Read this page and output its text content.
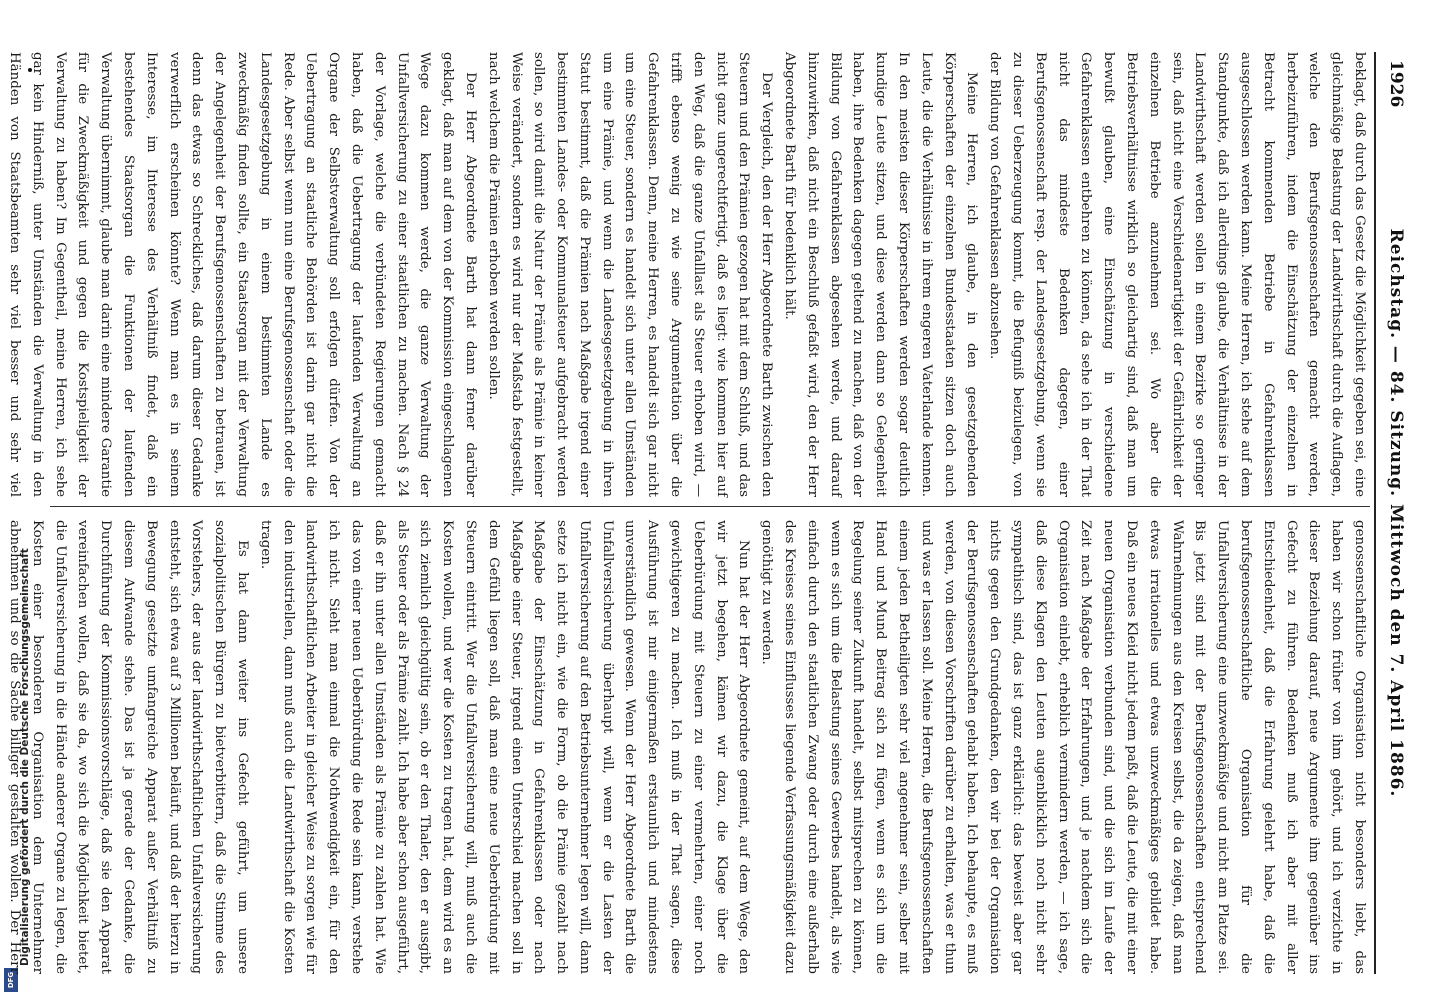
Digitalisierung gefördert durch die Deutsche Forschungsgemeinschaft
DFG
1926
Reichstag. — 84. Sitzung. Mittwoch den 7. April 1886.

beklagt, daß durch das Gesetz die Möglichkeit gegeben sei, eine gleichmäßige Belastung der Landwirthschaft durch die Auflagen, welche den Berufsgenossenschaften gemacht werden, herbeizuführen, indem die Einschätzung der einzelnen in Betracht kommenden Betriebe in Gefahrenklassen ausgeschlossen werden kann. Meine Herren, ich stehe auf dem Standpunkte, daß ich allerdings glaube, die Verhältnisse in der Landwirthschaft werden sollen in einem Bezirke so geringer sein, daß nicht eine Verschiedenartigkeit der Gefährlichkeit der einzelnen Betriebe anzunehmen sei. Wo aber die Betriebsverhältnisse wirklich so gleichartig sind, daß man um bewußt glauben, eine Einschätzung in verschiedene Gefahrenklassen entbehren zu können, da sehe ich in der That nicht das mindeste Bedenken dagegen, einer Berufsgenossenschaft resp. der Landesgesetzgebung, wenn sie zu dieser Ueberzeugung kommt, die Befugniß beizulegen, von der Bildung von Gefahrenklassen abzusehen.

Meine Herren, ich glaube, in den gesetzgebenden Körperschaften der einzelnen Bundesstaaten sitzen doch auch Leute, die die Verhältnisse in ihrem engeren Vaterlande kennen. In den meisten dieser Körperschaften werden sogar deutlich kundige Leute sitzen, und diese werden dann so Gelegenheit haben, ihre Bedenken dagegen geltend zu machen, daß von der Bildung von Gefahrenklassen abgesehen werde, und darauf hinzuwirken, daß nicht ein Beschluß gefaßt wird, den der Herr Abgeordnete Barth für bedenklich hält.

Der Vergleich, den der Herr Abgeordnete Barth zwischen den Steuern und den Prämien gezogen hat mit dem Schluß, und das nicht ganz ungerechtfertigt, daß es liegt: wie kommen hier auf den Weg, daß die ganze Unfalllast als Steuer erhoben wird, — trifft ebenso wenig zu wie seine Argumentation über die Gefahrenklassen. Denn, meine Herren, es handelt sich gar nicht um eine Steuer, sondern es handelt sich unter allen Umständen um eine Prämie, und wenn die Landesgesetzgebung in ihren Statut bestimmt, daß die Prämien nach Maßgabe irgend einer bestimmten Landes- oder Kommunalsteuer aufgebracht werden sollen, so wird damit die Natur der Prämie als Prämie in keiner Weise verändert, sondern es wird nur der Maßstab festgestellt, nach welchem die Prämien erhoben werden sollen.

Der Herr Abgeordnete Barth hat dann ferner darüber geklagt, daß man auf dem von der Kommission eingeschlagenen Wege dazu kommen werde, die ganze Verwaltung der Unfallversicherung zu einer staatlichen zu machen. Nach § 24 der Vorlage, welche die verbündeten Regierungen gemacht haben, daß die Uebertragung der laufenden Verwaltung an Organe der Selbstverwaltung soll erfolgen dürfen. Von der Uebertragung an staatliche Behörden ist darin gar nicht die Rede. Aber selbst wenn nun eine Berufsgenossenschaft oder die Landesgesetzgebung in einem bestimmten Lande es zweckmäßig finden sollte, ein Staatsorgan mit der Verwaltung der Angelegenheit der Berufsgenossenschaften zu betrauen, ist denn das etwas so Schreckliches, daß darum dieser Gedanke verwerflich erscheinen könnte? Wenn man es in seinem Interesse, im Interesse des Verhältniß findet, daß ein bestehendes Staatsorgan die Funktionen der laufenden Verwaltung übernimmt, glaube man darin eine mindere Garantie für die Zweckmäßigkeit und gegen die Kostspieligkeit der Verwaltung zu haben? Im Gegentheil, meine Herren, ich sehe gar kein Hinderniß, unter Umständen die Verwaltung in den Händen von Staatsbeamten sehr viel besser und sehr viel

genossenschaftliche Organisation nicht besonders liebt, das haben wir schon früher von ihm gehört, und ich verzichte in dieser Beziehung darauf, neue Argumente ihm gegenüber ins Gefecht zu führen. Bedenken muß ich aber mit aller Entschiedenheit, daß die Erfahrung gelehrt habe, daß die berufsgenossenschaftliche Organisation für die Unfallversicherung eine unzweckmäßige und nicht am Platze sei. Bis jetzt sind mit der Berufsgenossenschaften entsprechend Wahrnehmungen aus den Kreisen selbst, die da zeigen, daß man etwas irrationelles und etwas unzweckmäßiges gebildet habe. Daß ein neues Kleid nicht jedem paßt, daß die Leute, die mit einer neuen Organisation verbunden sind, und die sich im Laufe der Zeit nach Maßgabe der Erfahrungen, und je nachdem sich die Organisation einlebt, erheblich vermindern werden, — ich sage, daß diese Klagen den Leuten augenblicklich noch nicht sehr sympathisch sind, das ist ganz erklärlich: das beweist aber gar nichts gegen den Grundgedanken, den wir bei der Organisation der Berufsgenossenschaften gehabt haben. Ich behaupte, es muß werden, von diesen Vorschriften darüber zu erhalten, was er thun und was er lassen soll. Meine Herren, die Berufsgenossenschaften einem jeden Betheiligten sehr viel angenehmer sein, selber mit Hand und Mund Beitrag sich zu fügen, wenn es sich um die Regelung seiner Zukunft handelt, selbst mitsprechen zu können, wenn es sich um die Belastung seines Gewerbes handelt, als wie einfach durch den staatlichen Zwang oder durch eine außerhalb des Kreises seines Einflusses liegende Verfassungsmäßigkeit dazu genöthigt zu werden.

Nun hat der Herr Abgeordnete gemeint, auf dem Wege, den wir jetzt begehen, kämen wir dazu, die Klage über die Ueberbürdung mit Steuern zu einer vermehrten, einer noch gewichtigeren zu machen. Ich muß in der That sagen, diese Ausführung ist mir einigermaßen erstaunlich und mindestens unverständlich gewesen. Wenn der Herr Abgeordnete Barth die Unfallversicherung überhaupt will, wenn er die Lasten der Unfallversicherung auf den Betriebsunternehmer legen will, dann setze ich nicht ein, wie die Form, ob die Prämie gezahlt nach Maßgabe der Einschätzung in Gefahrenklassen oder nach Maßgabe einer Steuer, irgend einen Unterschied machen soll in dem Gefühl liegen soll, daß man eine neue Ueberbürdung mit Steuern eintritt. Wer die Unfallversicherung will, muß auch die Kosten wollen, und wer die Kosten zu tragen hat, dem wird es an sich ziemlich gleichgültig sein, ob er den Thaler, den er ausgibt, als Steuer oder als Prämie zahlt. Ich habe aber schon ausgeführt, daß er ihn unter allen Umständen als Prämie zu zahlen hat. Wie das von einer neuen Ueberbürdung die Rede sein kann, verstehe ich nicht. Sieht man einmal die Nothwendigkeit ein, für den landwirthschaftlichen Arbeiter in gleicher Weise zu sorgen wie für den industriellen, dann muß auch die Landwirthschaft die Kosten tragen.

Es hat dann weiter ins Gefecht geführt, um unsere sozialpolitischen Bürgern zu bietverbittern, daß die Stimme des Vorstehers, der aus der landwirthschaftlichen Unfallversicherung entsteht, sich etwa auf 3 Millionen beläuft, und daß der hierzu in Bewegung gesetzte umfangreiche Apparat außer Verhältniß zu diesem Aufwande stehe. Das ist ja gerade der Gedanke, die Durchführung der Kommissionsvorschläge, daß sie den Apparat vereinfachen wollen, daß sie da, wo sich die Möglichkeit bietet, die Unfallversicherung in die Hände anderer Organe zu legen, die Kosten einer besonderen Organisation dem Unternehmer abnehmen und so die Sache billiger gestalten wollen. Der Herr
